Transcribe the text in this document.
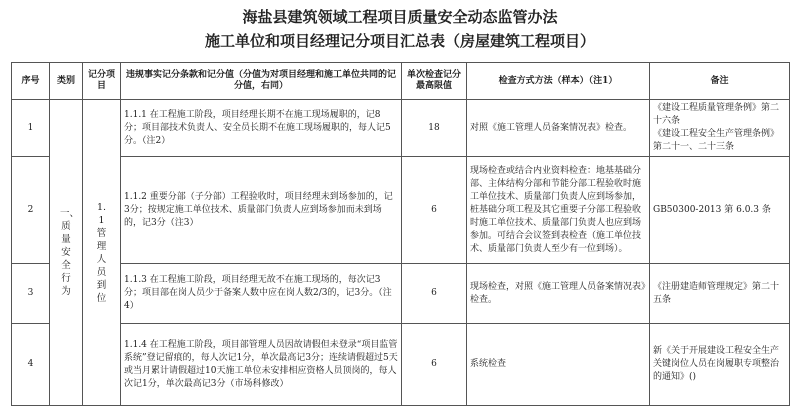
海盐县建筑领域工程项目质量安全动态监管办法
施工单位和项目经理记分项目汇总表（房屋建筑工程项目）
序号	类别	记分项目	违规事实记分条款和记分值（分值为对项目经理和施工单位共同的记分值，右同）	单次检查记分最高限值	检查方式方法（样本）（注1）	备注
1	一、质量安全行为	1.1管理人员到位	1.1.1 在工程施工阶段，项目经理长期不在施工现场履职的，记8分；项目部技术负责人、安全员长期不在施工现场履职的，每人记5分。（注2）	18	对照《施工管理人员备案情况表》检查。	《建设工程质量管理条例》第二十六条
《建设工程安全生产管理条例》第二十一、二十三条
2			1.1.2 重要分部（子分部）工程验收时，项目经理未到场参加的，记3分；按规定施工单位技术、质量部门负责人应到场参加而未到场的，记3分（注3）	6	现场检查或结合内业资料检查：地基基础分部、主体结构分部和节能分部工程验收时施工单位技术、质量部门负责人应到场参加，桩基础分项工程及其它重要子分部工程验收时施工单位技术、质量部门负责人也应到场参加。可结合会议签到表检查（施工单位技术、质量部门负责人至少有一位到场）。	GB50300-2013 第 6.0.3 条
3			1.1.3 在工程施工阶段，项目经理无故不在施工现场的，每次记3分；项目部在岗人员少于备案人数中应在岗人数2/3的，记3分。（注4）	6	现场检查，对照《施工管理人员备案情况表》检查。	《注册建造师管理规定》第二十五条
4			1.1.4 在工程施工阶段，项目部管理人员因故请假但未登录“项目监管系统”登记留痕的，每人次记1分，单次最高记3分；连续请假超过5天或当月累计请假超过10天施工单位未安排相应资格人员顶岗的，每人次记1分，单次最高记3分（市场科修改）	6	系统检查	新《关于开展建设工程安全生产关键岗位人员在岗履职专项整治的通知》()
